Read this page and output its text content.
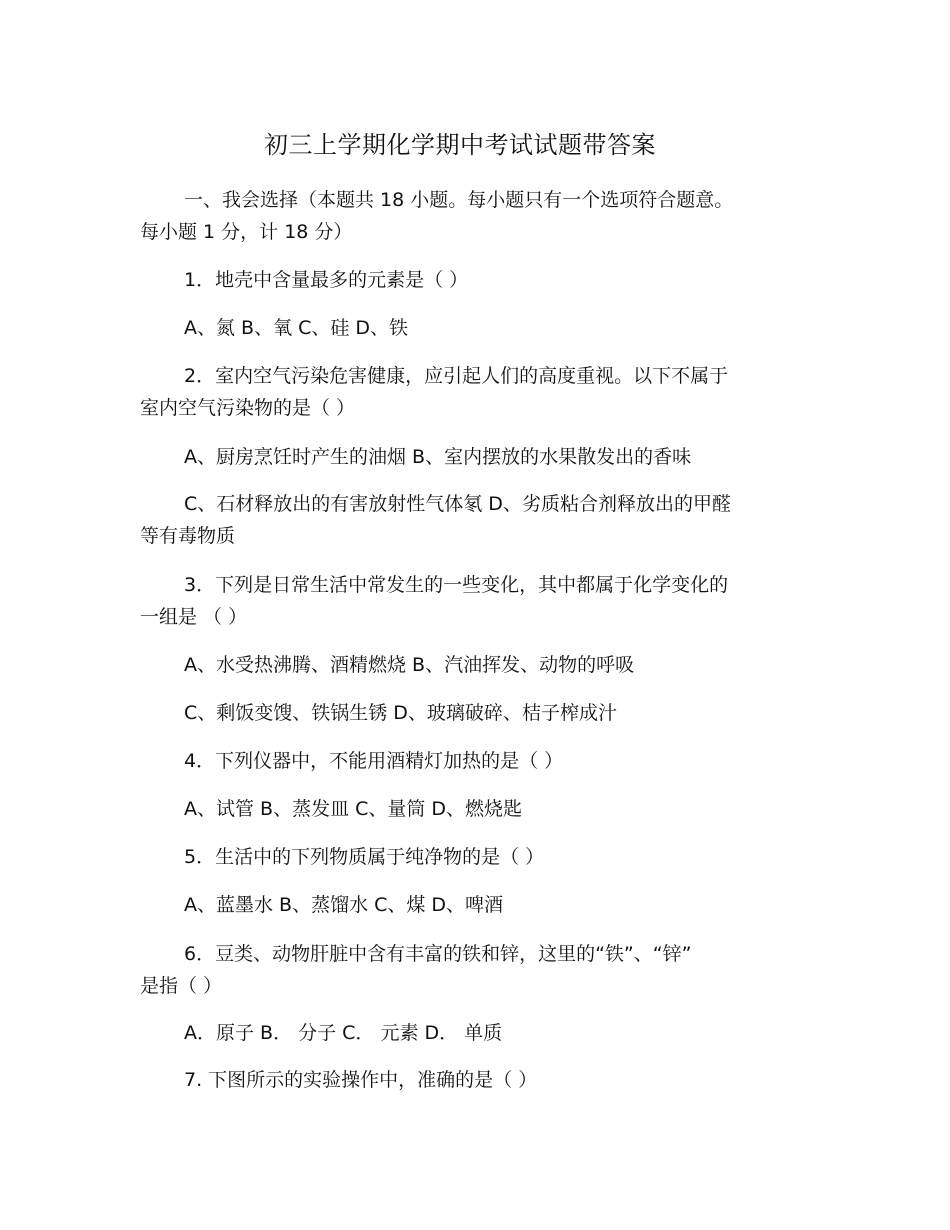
初三上学期化学期中考试试题带答案
一、我会选择（本题共 18 小题。每小题只有一个选项符合题意。
每小题 1 分，计 18 分）
1．地壳中含量最多的元素是（ ）
A、氮 B、氧 C、硅 D、铁
2．室内空气污染危害健康，应引起人们的高度重视。以下不属于
室内空气污染物的是（ ）
A、厨房烹饪时产生的油烟 B、室内摆放的水果散发出的香味
C、石材释放出的有害放射性气体氡 D、劣质粘合剂释放出的甲醛
等有毒物质
3．下列是日常生活中常发生的一些变化，其中都属于化学变化的
一组是 （ ）
A、水受热沸腾、酒精燃烧 B、汽油挥发、动物的呼吸
C、剩饭变馊、铁锅生锈 D、玻璃破碎、桔子榨成汁
4．下列仪器中，不能用酒精灯加热的是（ ）
A、试管 B、蒸发皿 C、量筒 D、燃烧匙
5．生活中的下列物质属于纯净物的是（ ）
A、蓝墨水 B、蒸馏水 C、煤 D、啤酒
6．豆类、动物肝脏中含有丰富的铁和锌，这里的“铁”、“锌”
是指（ ）
A．原子 B． 分子 C． 元素 D． 单质
7. 下图所示的实验操作中，准确的是（ ）
